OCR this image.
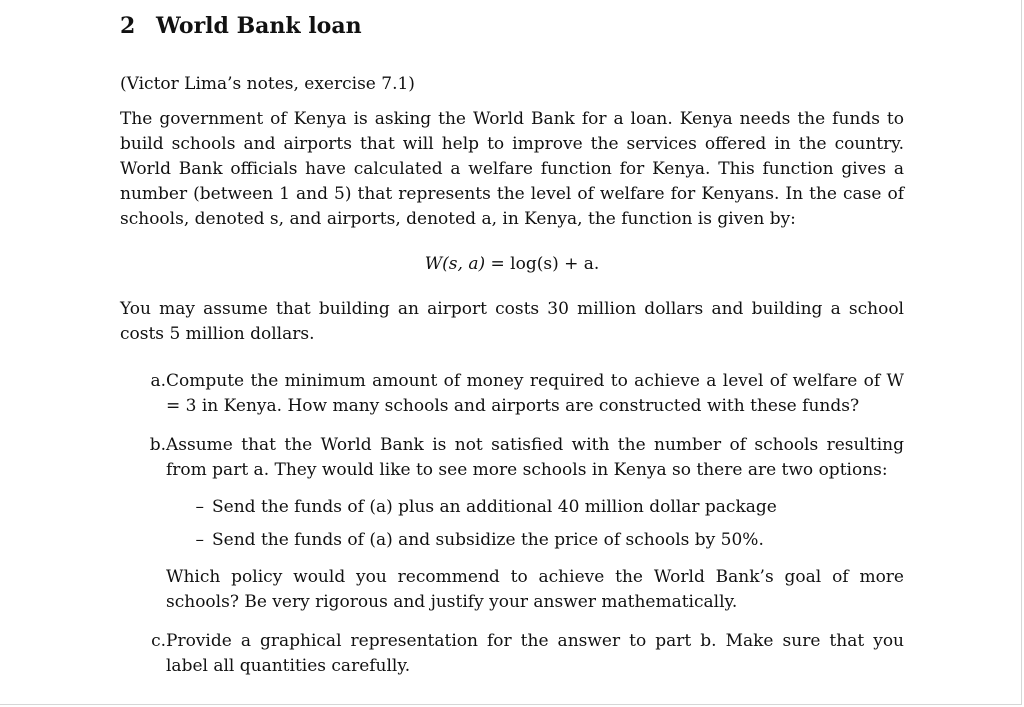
2 World Bank loan

(Victor Lima’s notes, exercise 7.1)

The government of Kenya is asking the World Bank for a loan. Kenya needs the funds to build schools and airports that will help to improve the services offered in the country. World Bank officials have calculated a welfare function for Kenya. This function gives a number (between 1 and 5) that represents the level of welfare for Kenyans. In the case of schools, denoted s, and airports, denoted a, in Kenya, the function is given by:

W(s, a) = log(s) + a.

You may assume that building an airport costs 30 million dollars and building a school costs 5 million dollars.

a. Compute the minimum amount of money required to achieve a level of welfare of W = 3 in Kenya. How many schools and airports are constructed with these funds?

b. Assume that the World Bank is not satisfied with the number of schools resulting from part a. They would like to see more schools in Kenya so there are two options:

– Send the funds of (a) plus an additional 40 million dollar package
– Send the funds of (a) and subsidize the price of schools by 50%.

Which policy would you recommend to achieve the World Bank’s goal of more schools? Be very rigorous and justify your answer mathematically.

c. Provide a graphical representation for the answer to part b. Make sure that you label all quantities carefully.
